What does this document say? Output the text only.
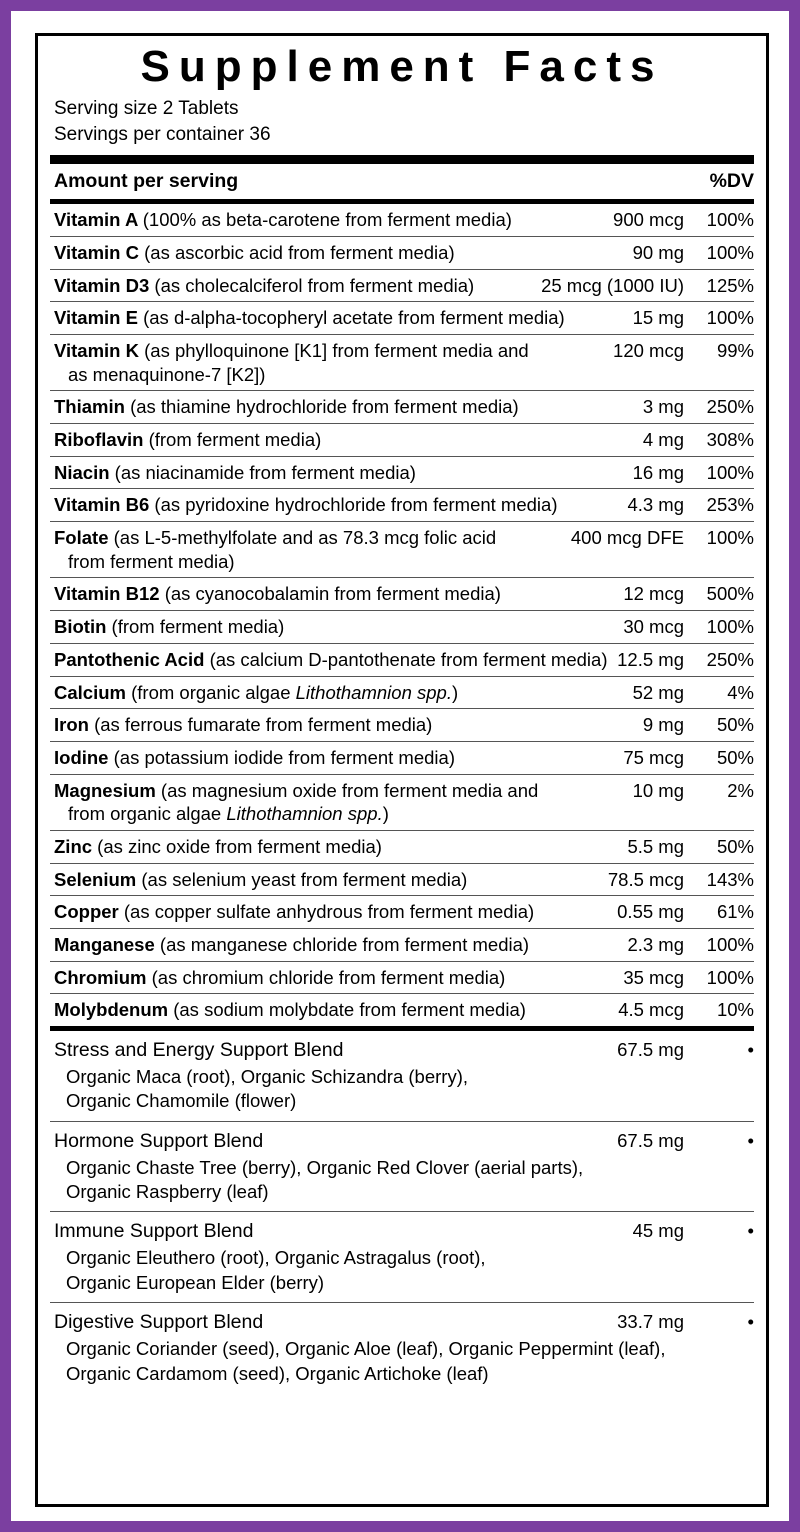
Supplement Facts
Serving size 2 Tablets
Servings per container 36
Amount per serving	%DV
Vitamin A (100% as beta-carotene from ferment media)	900 mcg	100%
Vitamin C (as ascorbic acid from ferment media)	90 mg	100%
Vitamin D3 (as cholecalciferol from ferment media)	25 mcg (1000 IU)	125%
Vitamin E (as d-alpha-tocopheryl acetate from ferment media)	15 mg	100%
Vitamin K (as phylloquinone [K1] from ferment media and
as menaquinone-7 [K2])
120 mcg	99%
Thiamin (as thiamine hydrochloride from ferment media)	3 mg	250%
Riboflavin (from ferment media)	4 mg	308%
Niacin (as niacinamide from ferment media)	16 mg	100%
Vitamin B6 (as pyridoxine hydrochloride from ferment media)	4.3 mg	253%
Folate (as L-5-methylfolate and as 78.3 mcg folic acid
from ferment media)
400 mcg DFE	100%
Vitamin B12 (as cyanocobalamin from ferment media)	12 mcg	500%
Biotin (from ferment media)	30 mcg	100%
Pantothenic Acid (as calcium D-pantothenate from ferment media) 12.5 mg	250%
Calcium (from organic algae Lithothamnion spp.)	52 mg	4%
Iron (as ferrous fumarate from ferment media)	9 mg	50%
Iodine (as potassium iodide from ferment media)	75 mcg	50%
Magnesium (as magnesium oxide from ferment media and
from organic algae Lithothamnion spp.)
10 mg	2%
Zinc (as zinc oxide from ferment media)	5.5 mg	50%
Selenium (as selenium yeast from ferment media)	78.5 mcg	143%
Copper (as copper sulfate anhydrous from ferment media)	0.55 mg	61%
Manganese (as manganese chloride from ferment media)	2.3 mg	100%
Chromium (as chromium chloride from ferment media)	35 mcg	100%
Molybdenum (as sodium molybdate from ferment media)	4.5 mcg	10%
Stress and Energy Support Blend	67.5 mg	•
Organic Maca (root), Organic Schizandra (berry),
Organic Chamomile (flower)
Hormone Support Blend	67.5 mg	•
Organic Chaste Tree (berry), Organic Red Clover (aerial parts),
Organic Raspberry (leaf)
Immune Support Blend	45 mg	•
Organic Eleuthero (root), Organic Astragalus (root),
Organic European Elder (berry)
Digestive Support Blend	33.7 mg	•
Organic Coriander (seed), Organic Aloe (leaf), Organic Peppermint (leaf),
Organic Cardamom (seed), Organic Artichoke (leaf)
